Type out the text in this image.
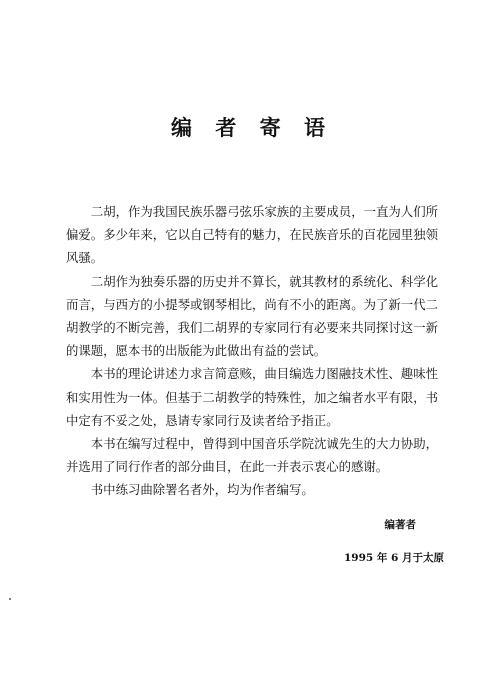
编 者 寄 语

二胡，作为我国民族乐器弓弦乐家族的主要成员，一直为人们所偏爱。多少年来，它以自己特有的魅力，在民族音乐的百花园里独领风骚。

二胡作为独奏乐器的历史并不算长，就其教材的系统化、科学化而言，与西方的小提琴或钢琴相比，尚有不小的距离。为了新一代二胡教学的不断完善，我们二胡界的专家同行有必要来共同探讨这一新的课题，愿本书的出版能为此做出有益的尝试。

本书的理论讲述力求言简意赅，曲目编选力图融技术性、趣味性和实用性为一体。但基于二胡教学的特殊性，加之编者水平有限，书中定有不妥之处，恳请专家同行及读者给予指正。

本书在编写过程中，曾得到中国音乐学院沈诚先生的大力协助，并选用了同行作者的部分曲目，在此一并表示衷心的感谢。

书中练习曲除署名者外，均为作者编写。

编著者
1995 年 6 月于太原
